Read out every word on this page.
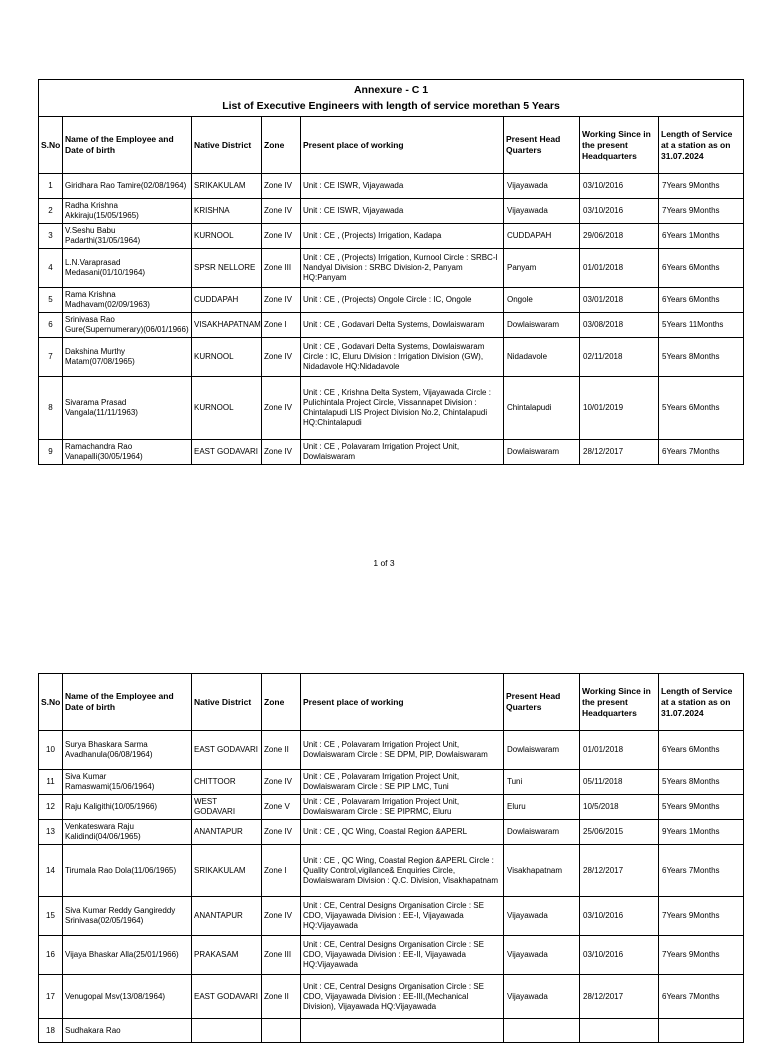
Annexure - C 1
List of Executive Engineers with length of service morethan 5 Years							

S.No	Name of the Employee and Date of birth	Native District	Zone	Present place of working	Present Head Quarters	Working Since in the present Headquarters	Length of Service at a station as on 31.07.2024
1	Giridhara Rao Tamire(02/08/1964)	SRIKAKULAM	Zone IV	Unit : CE ISWR, Vijayawada	Vijayawada	03/10/2016	7Years 9Months
2	Radha Krishna Akkiraju(15/05/1965)	KRISHNA	Zone IV	Unit : CE ISWR, Vijayawada	Vijayawada	03/10/2016	7Years 9Months
3	V.Seshu Babu Padarthi(31/05/1964)	KURNOOL	Zone IV	Unit : CE , (Projects) Irrigation, Kadapa	CUDDAPAH	29/06/2018	6Years 1Months
4	L.N.Varaprasad Medasani(01/10/1964)	SPSR NELLORE	Zone III	Unit : CE , (Projects) Irrigation, Kurnool Circle : SRBC-I Nandyal Division : SRBC Division-2, Panyam HQ:Panyam	Panyam	01/01/2018	6Years 6Months
5	Rama Krishna Madhavam(02/09/1963)	CUDDAPAH	Zone IV	Unit : CE , (Projects) Ongole Circle : IC, Ongole	Ongole	03/01/2018	6Years 6Months
6	Srinivasa Rao Gure(Supernumerary)(06/01/1966)	VISAKHAPATNAM	Zone I	Unit : CE , Godavari Delta Systems, Dowlaiswaram	Dowlaiswaram	03/08/2018	5Years 11Months
7	Dakshina Murthy Matam(07/08/1965)	KURNOOL	Zone IV	Unit : CE , Godavari Delta Systems, Dowlaiswaram Circle : IC, Eluru Division : Irrigation Division (GW), Nidadavole HQ:Nidadavole	Nidadavole	02/11/2018	5Years 8Months
8	Sivarama Prasad Vangala(11/11/1963)	KURNOOL	Zone IV	Unit : CE , Krishna Delta System, Vijayawada Circle : Pulichintala Project Circle, Vissannapet Division : Chintalapudi LIS Project Division No.2, Chintalapudi HQ:Chintalapudi	Chintalapudi	10/01/2019	5Years 6Months
9	Ramachandra Rao Vanapalli(30/05/1964)	EAST GODAVARI	Zone IV	Unit : CE , Polavaram Irrigation Project Unit, Dowlaiswaram	Dowlaiswaram	28/12/2017	6Years 7Months
1 of 3
S.No	Name of the Employee and Date of birth	Native District	Zone	Present place of working	Present Head Quarters	Working Since in the present Headquarters	Length of Service at a station as on 31.07.2024
10	Surya Bhaskara Sarma Avadhanula(06/08/1964)	EAST GODAVARI	Zone II	Unit : CE , Polavaram Irrigation Project Unit, Dowlaiswaram Circle : SE DPM, PIP, Dowlaiswaram	Dowlaiswaram	01/01/2018	6Years 6Months
11	Siva Kumar Ramaswami(15/06/1964)	CHITTOOR	Zone IV	Unit : CE , Polavaram Irrigation Project Unit, Dowlaiswaram Circle : SE PIP LMC, Tuni	Tuni	05/11/2018	5Years 8Months
12	Raju Kaligithi(10/05/1966)	WEST GODAVARI	Zone V	Unit : CE , Polavaram Irrigation Project Unit, Dowlaiswaram Circle : SE PIPRMC, Eluru	Eluru	10/5/2018	5Years 9Months
13	Venkateswara Raju Kalidindi(04/06/1965)	ANANTAPUR	Zone IV	Unit : CE , QC Wing, Coastal Region &APERL	Dowlaiswaram	25/06/2015	9Years 1Months
14	Tirumala Rao Dola(11/06/1965)	SRIKAKULAM	Zone I	Unit : CE , QC Wing, Coastal Region &APERL Circle : Quality Control,vigilance& Enquiries Circle, Dowlaiswaram Division : Q.C. Division, Visakhapatnam	Visakhapatnam	28/12/2017	6Years 7Months
15	Siva Kumar Reddy Gangireddy Srinivasa(02/05/1964)	ANANTAPUR	Zone IV	Unit : CE, Central Designs Organisation Circle : SE CDO, Vijayawada Division : EE-I, Vijayawada HQ:Vijayawada	Vijayawada	03/10/2016	7Years 9Months
16	Vijaya Bhaskar Alla(25/01/1966)	PRAKASAM	Zone III	Unit : CE, Central Designs Organisation Circle : SE CDO, Vijayawada Division : EE-II, Vijayawada HQ:Vijayawada	Vijayawada	03/10/2016	7Years 9Months
17	Venugopal Msv(13/08/1964)	EAST GODAVARI	Zone II	Unit : CE, Central Designs Organisation Circle : SE CDO, Vijayawada Division : EE-III,(Mechanical Division), Vijayawada HQ:Vijayawada	Vijayawada	28/12/2017	6Years 7Months
18	Sudhakara Rao						
